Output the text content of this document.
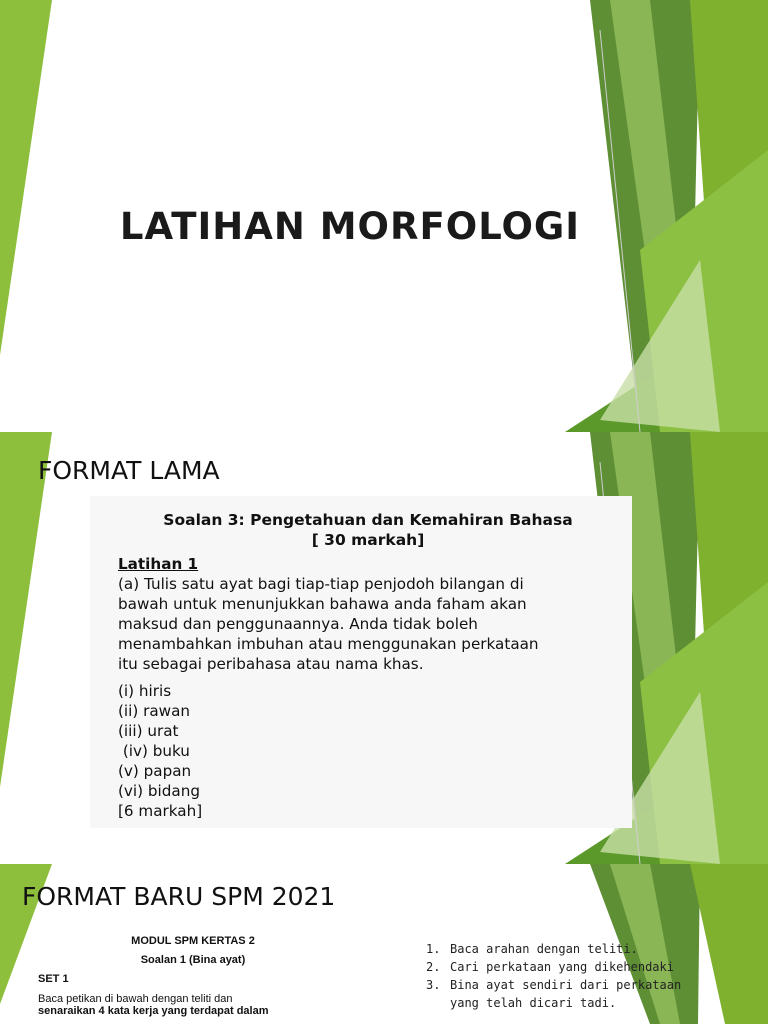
LATIHAN MORFOLOGI
FORMAT LAMA
Soalan 3: Pengetahuan dan Kemahiran Bahasa
[ 30 markah]
Latihan 1
(a) Tulis satu ayat bagi tiap-tiap penjodoh bilangan di
bawah untuk menunjukkan bahawa anda faham akan
maksud dan penggunaannya. Anda tidak boleh
menambahkan imbuhan atau menggunakan perkataan
itu sebagai peribahasa atau nama khas.
(i) hiris
(ii) rawan
(iii) urat
(iv) buku
(v) papan
(vi) bidang
[6 markah]
FORMAT BARU SPM 2021
MODUL SPM KERTAS 2
Soalan 1 (Bina ayat)
SET 1
Baca petikan di bawah dengan teliti dan
senaraikan 4 kata kerja yang terdapat dalam
1. Baca arahan dengan teliti.
2. Cari perkataan yang dikehendaki
3. Bina ayat sendiri dari perkataan yang telah dicari tadi.
